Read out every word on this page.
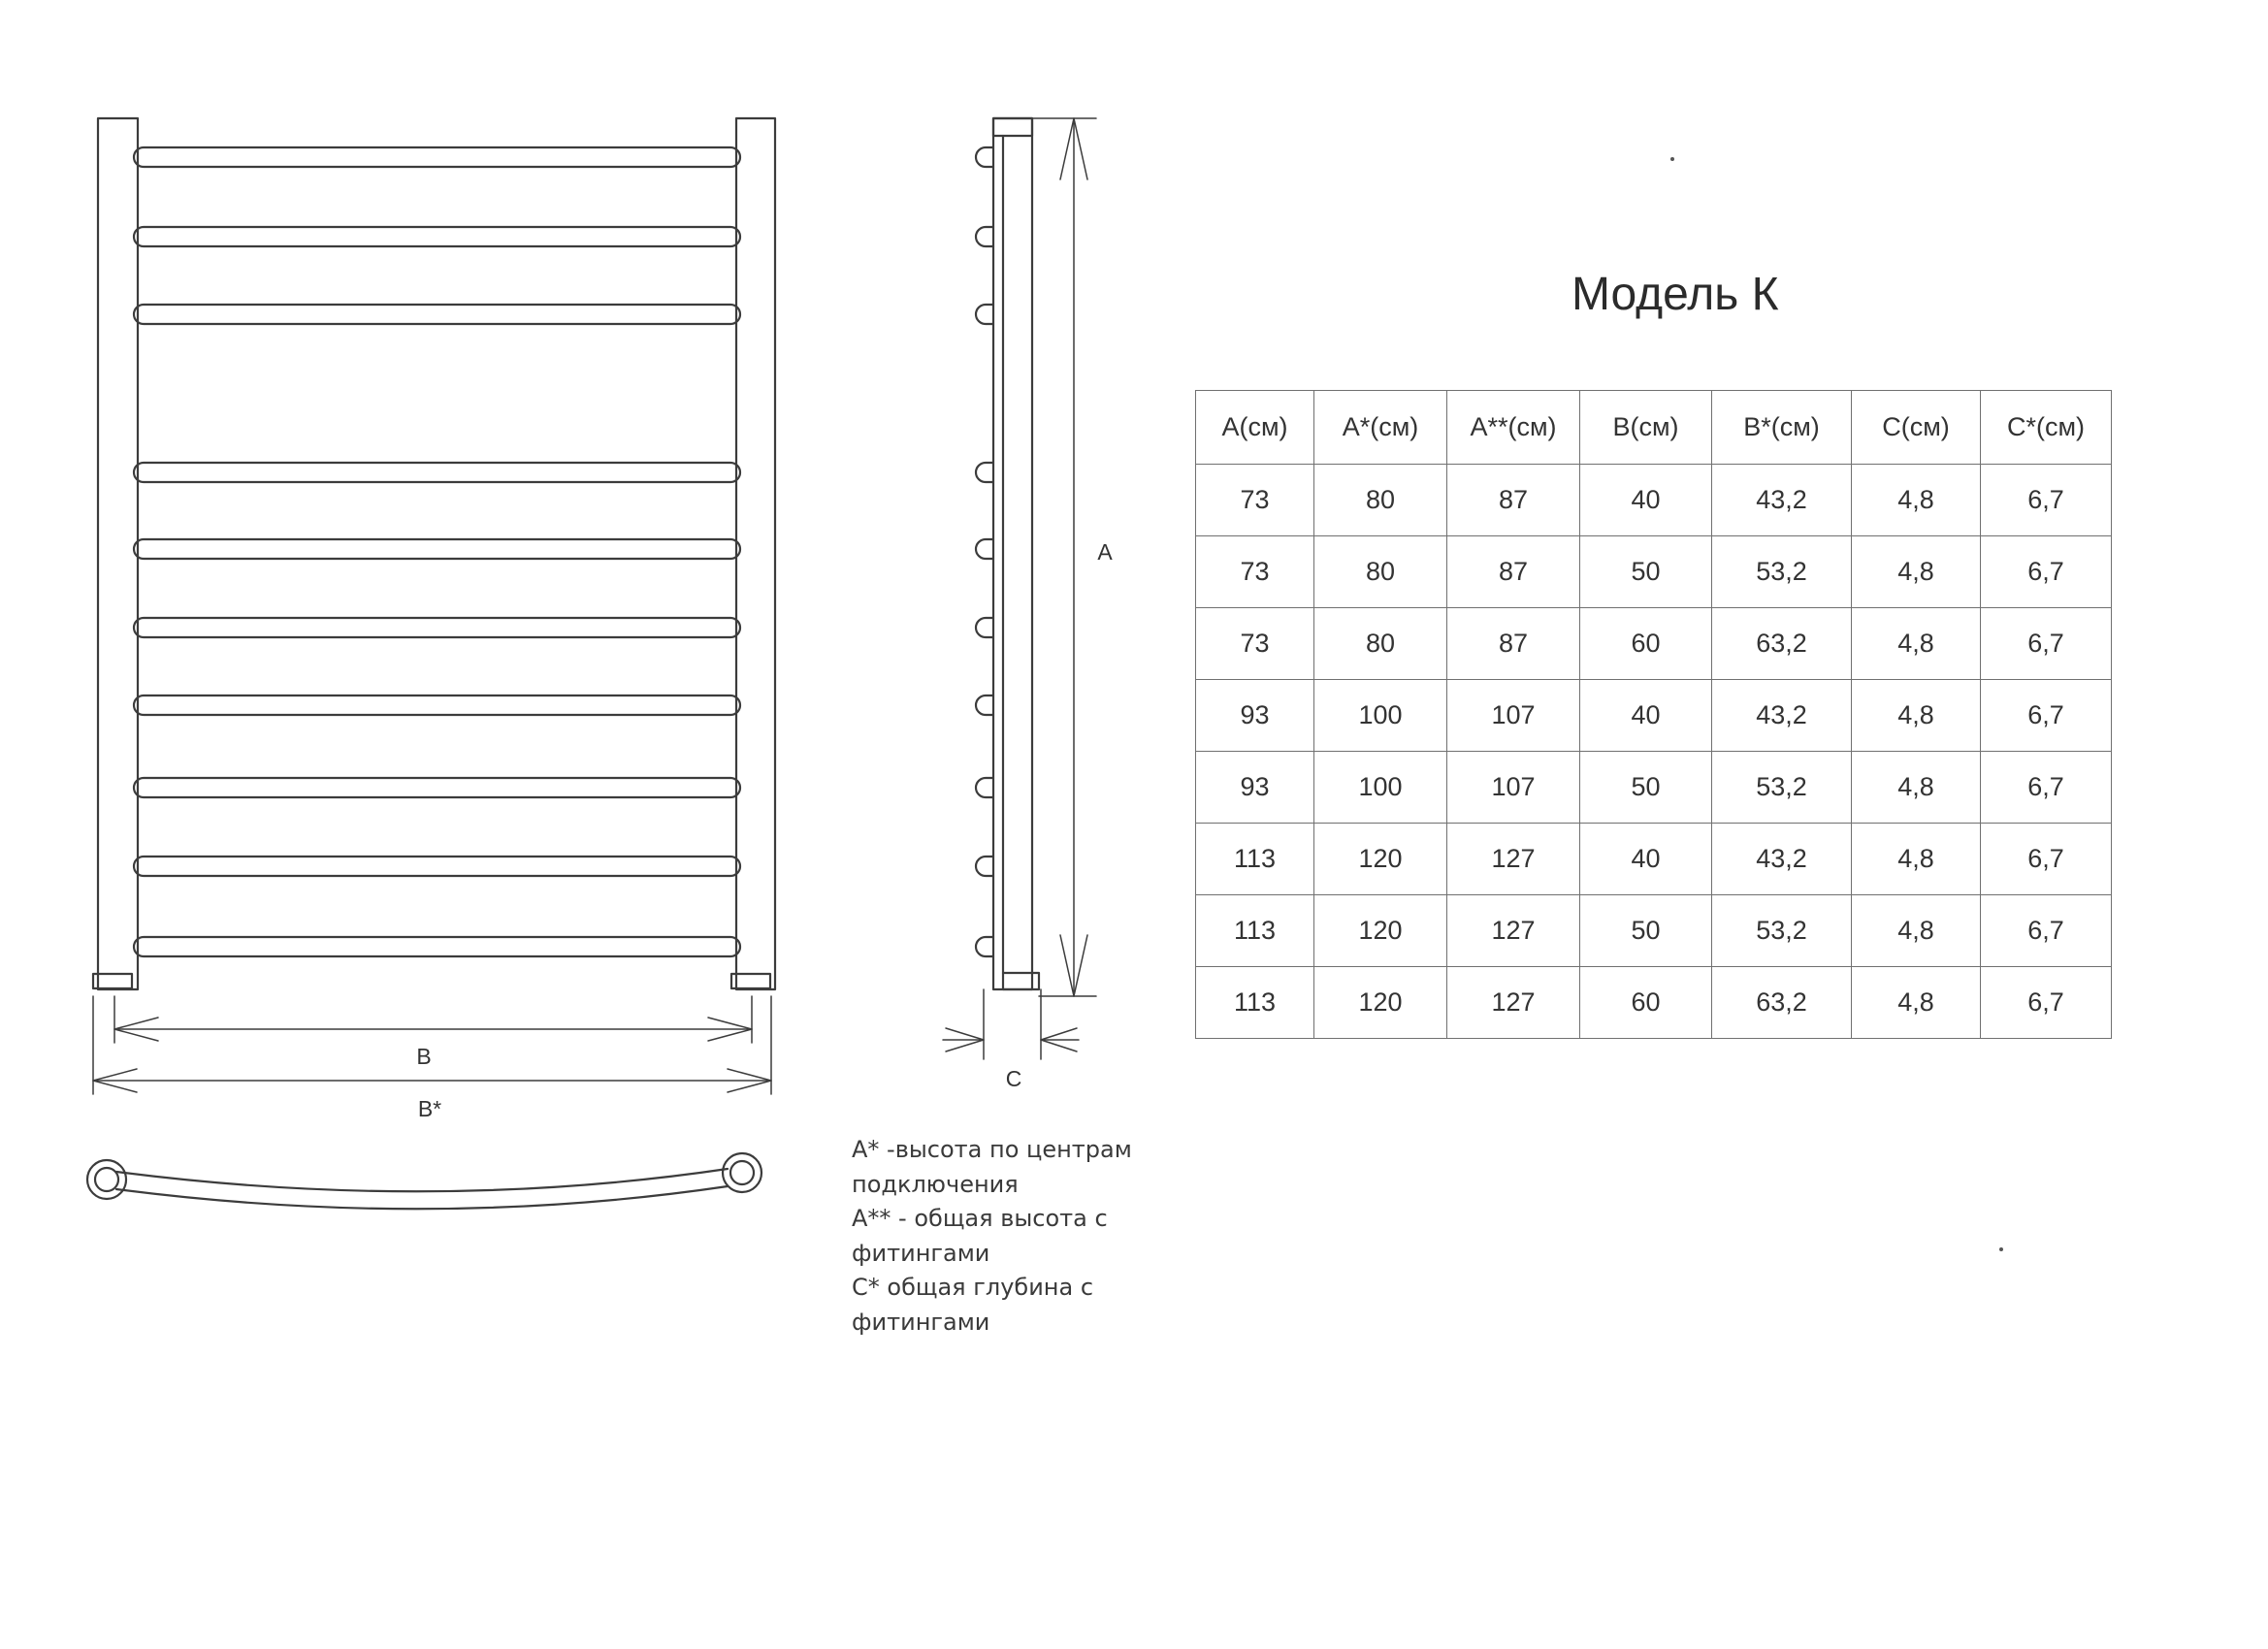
B
B*
A
C
Модель К
A(см)	A*(см)	A**(см)	B(см)	B*(см)	C(см)	C*(см)
73	80	87	40	43,2	4,8	6,7
73	80	87	50	53,2	4,8	6,7
73	80	87	60	63,2	4,8	6,7
93	100	107	40	43,2	4,8	6,7
93	100	107	50	53,2	4,8	6,7
113	120	127	40	43,2	4,8	6,7
113	120	127	50	53,2	4,8	6,7
113	120	127	60	63,2	4,8	6,7
A* -высота по центрам
подключения
A** - общая высота с
фитингами
C* общая глубина с
фитингами
